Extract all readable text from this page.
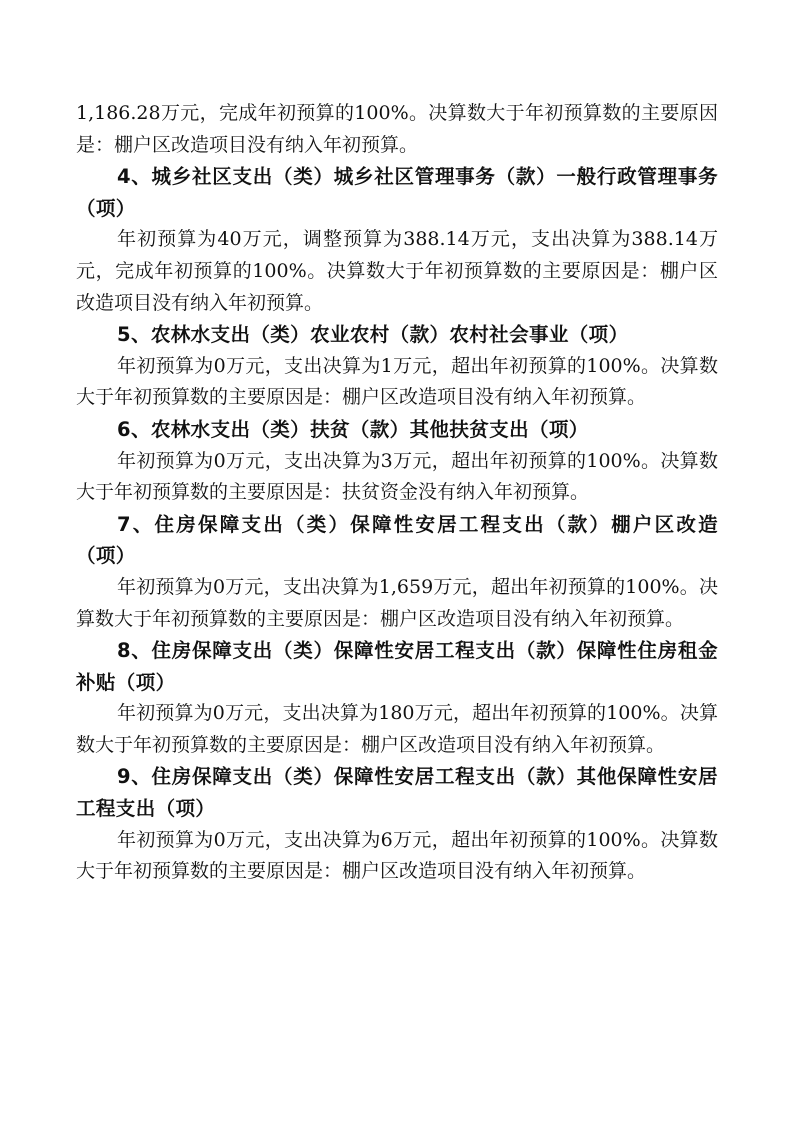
1,186.28万元，完成年初预算的100%。决算数大于年初预算数的主要原因是：棚户区改造项目没有纳入年初预算。

4、城乡社区支出（类）城乡社区管理事务（款）一般行政管理事务（项）

年初预算为40万元，调整预算为388.14万元，支出决算为388.14万元，完成年初预算的100%。决算数大于年初预算数的主要原因是：棚户区改造项目没有纳入年初预算。

5、农林水支出（类）农业农村（款）农村社会事业（项）

年初预算为0万元，支出决算为1万元，超出年初预算的100%。决算数大于年初预算数的主要原因是：棚户区改造项目没有纳入年初预算。

6、农林水支出（类）扶贫（款）其他扶贫支出（项）

年初预算为0万元，支出决算为3万元，超出年初预算的100%。决算数大于年初预算数的主要原因是：扶贫资金没有纳入年初预算。

7、住房保障支出（类）保障性安居工程支出（款）棚户区改造（项）

年初预算为0万元，支出决算为1,659万元，超出年初预算的100%。决算数大于年初预算数的主要原因是：棚户区改造项目没有纳入年初预算。

8、住房保障支出（类）保障性安居工程支出（款）保障性住房租金补贴（项）

年初预算为0万元，支出决算为180万元，超出年初预算的100%。决算数大于年初预算数的主要原因是：棚户区改造项目没有纳入年初预算。

9、住房保障支出（类）保障性安居工程支出（款）其他保障性安居工程支出（项）

年初预算为0万元，支出决算为6万元，超出年初预算的100%。决算数大于年初预算数的主要原因是：棚户区改造项目没有纳入年初预算。
